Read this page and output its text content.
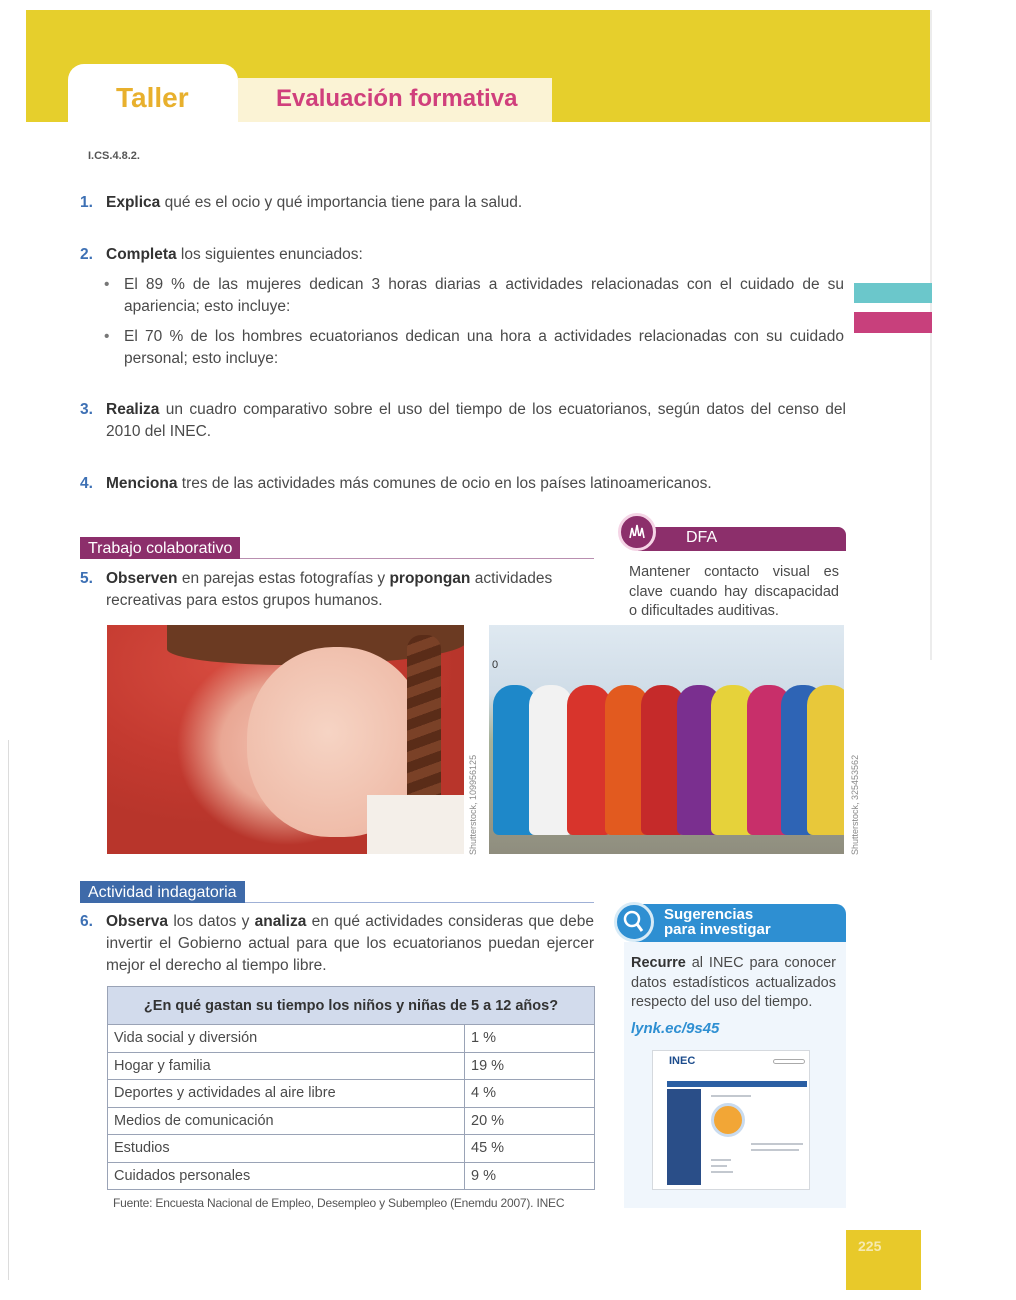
Taller	Evaluación formativa
I.CS.4.8.2.
1. Explica qué es el ocio y qué importancia tiene para la salud.
2. Completa los siguientes enunciados:
• El 89 % de las mujeres dedican 3 horas diarias a actividades relacionadas con el cuidado de su apariencia; esto incluye:
• El 70 % de los hombres ecuatorianos dedican una hora a actividades relacionadas con su cuidado personal; esto incluye:
3. Realiza un cuadro comparativo sobre el uso del tiempo de los ecuatorianos, según datos del censo del 2010 del INEC.
4. Menciona tres de las actividades más comunes de ocio en los países latinoamericanos.
Trabajo colaborativo
5. Observen en parejas estas fotografías y propongan actividades recreativas para estos grupos humanos.
DFA
Mantener contacto visual es clave cuando hay discapacidad o dificultades auditivas.
Shutterstock, 109956125
0
Shutterstock, 325453562
Actividad indagatoria
6. Observa los datos y analiza en qué actividades consideras que debe invertir el Gobierno actual para que los ecuatorianos puedan ejercer mejor el derecho al tiempo libre.
¿En qué gastan su tiempo los niños y niñas de 5 a 12 años?	
Vida social y diversión	1 %
Hogar y familia	19 %
Deportes y actividades al aire libre	4 %
Medios de comunicación	20 %
Estudios	45 %
Cuidados personales	9 %
Fuente: Encuesta Nacional de Empleo, Desempleo y Subempleo (Enemdu 2007). INEC
Sugerencias
para investigar
Recurre al INEC para conocer datos estadísticos actualizados respecto del uso del tiempo.
lynk.ec/9s45
INEC
225
